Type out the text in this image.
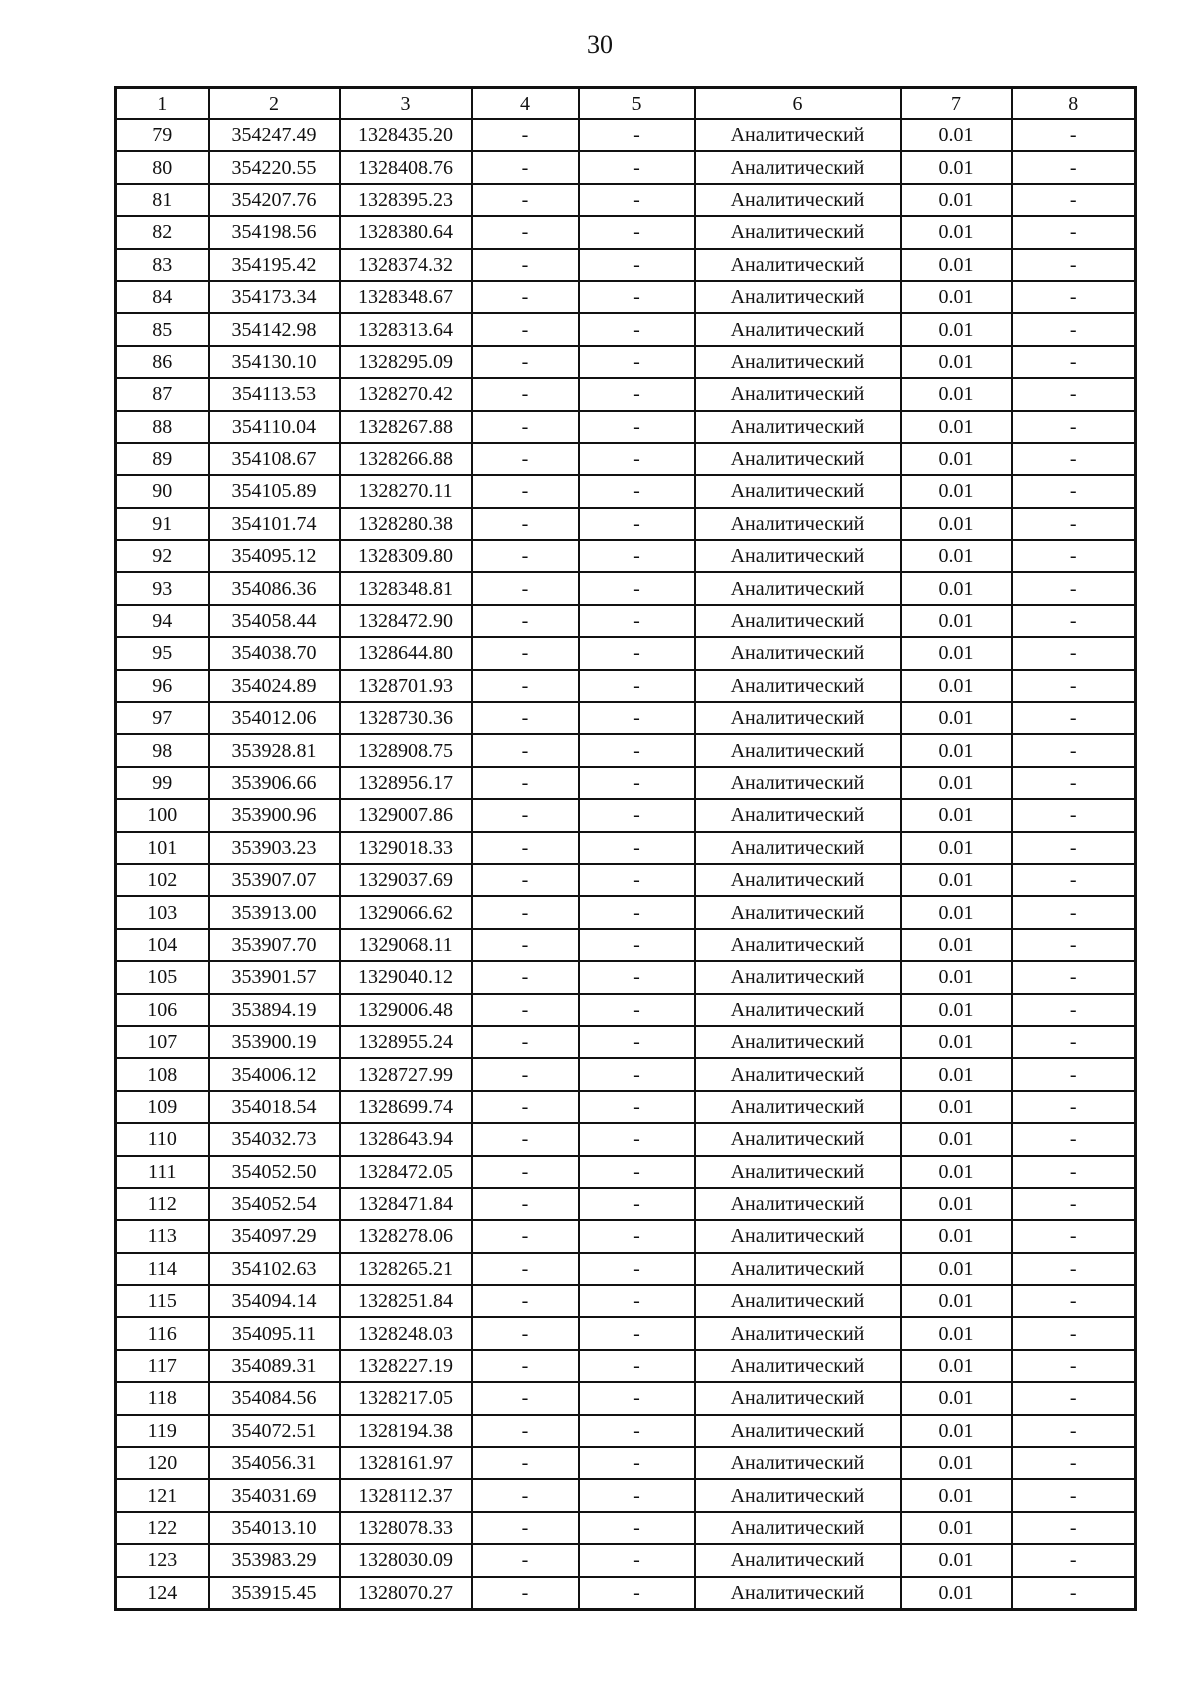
30
1	2	3	4	5	6	7	8
79	354247.49	1328435.20	-	-	Аналитический	0.01	-
80	354220.55	1328408.76	-	-	Аналитический	0.01	-
81	354207.76	1328395.23	-	-	Аналитический	0.01	-
82	354198.56	1328380.64	-	-	Аналитический	0.01	-
83	354195.42	1328374.32	-	-	Аналитический	0.01	-
84	354173.34	1328348.67	-	-	Аналитический	0.01	-
85	354142.98	1328313.64	-	-	Аналитический	0.01	-
86	354130.10	1328295.09	-	-	Аналитический	0.01	-
87	354113.53	1328270.42	-	-	Аналитический	0.01	-
88	354110.04	1328267.88	-	-	Аналитический	0.01	-
89	354108.67	1328266.88	-	-	Аналитический	0.01	-
90	354105.89	1328270.11	-	-	Аналитический	0.01	-
91	354101.74	1328280.38	-	-	Аналитический	0.01	-
92	354095.12	1328309.80	-	-	Аналитический	0.01	-
93	354086.36	1328348.81	-	-	Аналитический	0.01	-
94	354058.44	1328472.90	-	-	Аналитический	0.01	-
95	354038.70	1328644.80	-	-	Аналитический	0.01	-
96	354024.89	1328701.93	-	-	Аналитический	0.01	-
97	354012.06	1328730.36	-	-	Аналитический	0.01	-
98	353928.81	1328908.75	-	-	Аналитический	0.01	-
99	353906.66	1328956.17	-	-	Аналитический	0.01	-
100	353900.96	1329007.86	-	-	Аналитический	0.01	-
101	353903.23	1329018.33	-	-	Аналитический	0.01	-
102	353907.07	1329037.69	-	-	Аналитический	0.01	-
103	353913.00	1329066.62	-	-	Аналитический	0.01	-
104	353907.70	1329068.11	-	-	Аналитический	0.01	-
105	353901.57	1329040.12	-	-	Аналитический	0.01	-
106	353894.19	1329006.48	-	-	Аналитический	0.01	-
107	353900.19	1328955.24	-	-	Аналитический	0.01	-
108	354006.12	1328727.99	-	-	Аналитический	0.01	-
109	354018.54	1328699.74	-	-	Аналитический	0.01	-
110	354032.73	1328643.94	-	-	Аналитический	0.01	-
111	354052.50	1328472.05	-	-	Аналитический	0.01	-
112	354052.54	1328471.84	-	-	Аналитический	0.01	-
113	354097.29	1328278.06	-	-	Аналитический	0.01	-
114	354102.63	1328265.21	-	-	Аналитический	0.01	-
115	354094.14	1328251.84	-	-	Аналитический	0.01	-
116	354095.11	1328248.03	-	-	Аналитический	0.01	-
117	354089.31	1328227.19	-	-	Аналитический	0.01	-
118	354084.56	1328217.05	-	-	Аналитический	0.01	-
119	354072.51	1328194.38	-	-	Аналитический	0.01	-
120	354056.31	1328161.97	-	-	Аналитический	0.01	-
121	354031.69	1328112.37	-	-	Аналитический	0.01	-
122	354013.10	1328078.33	-	-	Аналитический	0.01	-
123	353983.29	1328030.09	-	-	Аналитический	0.01	-
124	353915.45	1328070.27	-	-	Аналитический	0.01	-
